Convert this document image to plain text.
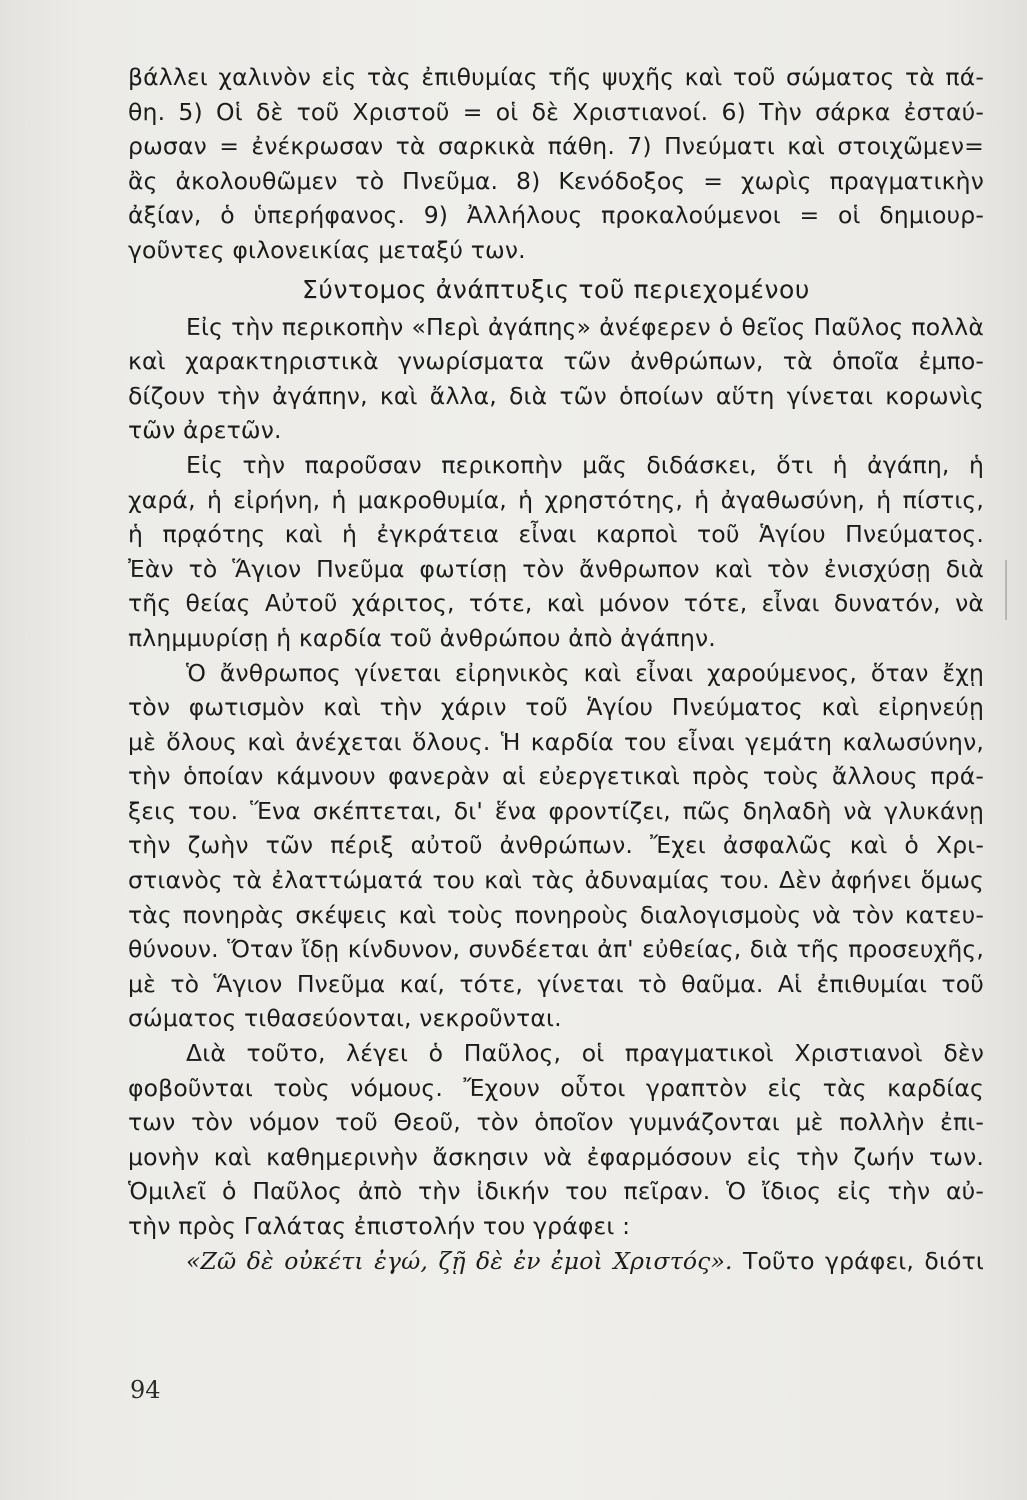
βάλλει χαλινὸν εἰς τὰς ἐπιθυμίας τῆς ψυχῆς καὶ τοῦ σώματος τὰ πά-
θη. 5) Οἱ δὲ τοῦ Χριστοῦ = οἱ δὲ Χριστιανοί. 6) Τὴν σάρκα ἐσταύ-
ρωσαν = ἐνέκρωσαν τὰ σαρκικὰ πάθη. 7) Πνεύματι καὶ στοιχῶμεν=
ἂς ἀκολουθῶμεν τὸ Πνεῦμα. 8) Κενόδοξος = χωρὶς πραγματικὴν
ἀξίαν, ὁ ὑπερήφανος. 9) Ἀλλήλους προκαλούμενοι = οἱ δημιουρ-
γοῦντες φιλονεικίας μεταξύ των.
Σύντομος ἀνάπτυξις τοῦ περιεχομένου
Εἰς τὴν περικοπὴν «Περὶ ἀγάπης» ἀνέφερεν ὁ θεῖος Παῦλος πολλὰ
καὶ χαρακτηριστικὰ γνωρίσματα τῶν ἀνθρώπων, τὰ ὁποῖα ἐμπο-
δίζουν τὴν ἀγάπην, καὶ ἄλλα, διὰ τῶν ὁποίων αὕτη γίνεται κορωνὶς
τῶν ἀρετῶν.
Εἰς τὴν παροῦσαν περικοπὴν μᾶς διδάσκει, ὅτι ἡ ἀγάπη, ἡ
χαρά, ἡ εἰρήνη, ἡ μακροθυμία, ἡ χρηστότης, ἡ ἀγαθωσύνη, ἡ πίστις,
ἡ πρᾳότης καὶ ἡ ἐγκράτεια εἶναι καρποὶ τοῦ Ἁγίου Πνεύματος.
Ἐὰν τὸ Ἅγιον Πνεῦμα φωτίσῃ τὸν ἄνθρωπον καὶ τὸν ἐνισχύσῃ διὰ
τῆς θείας Αὐτοῦ χάριτος, τότε, καὶ μόνον τότε, εἶναι δυνατόν, νὰ
πλημμυρίσῃ ἡ καρδία τοῦ ἀνθρώπου ἀπὸ ἀγάπην.
Ὁ ἄνθρωπος γίνεται εἰρηνικὸς καὶ εἶναι χαρούμενος, ὅταν ἔχῃ
τὸν φωτισμὸν καὶ τὴν χάριν τοῦ Ἁγίου Πνεύματος καὶ εἰρηνεύῃ
μὲ ὅλους καὶ ἀνέχεται ὅλους. Ἡ καρδία του εἶναι γεμάτη καλωσύνην,
τὴν ὁποίαν κάμνουν φανερὰν αἱ εὐεργετικαὶ πρὸς τοὺς ἄλλους πρά-
ξεις του. Ἕνα σκέπτεται, δι' ἕνα φροντίζει, πῶς δηλαδὴ νὰ γλυκάνῃ
τὴν ζωὴν τῶν πέριξ αὐτοῦ ἀνθρώπων. Ἔχει ἀσφαλῶς καὶ ὁ Χρι-
στιανὸς τὰ ἐλαττώματά του καὶ τὰς ἀδυναμίας του. Δὲν ἀφήνει ὅμως
τὰς πονηρὰς σκέψεις καὶ τοὺς πονηροὺς διαλογισμοὺς νὰ τὸν κατευ-
θύνουν. Ὅταν ἴδῃ κίνδυνον, συνδέεται ἀπ' εὐθείας, διὰ τῆς προσευχῆς,
μὲ τὸ Ἅγιον Πνεῦμα καί, τότε, γίνεται τὸ θαῦμα. Αἱ ἐπιθυμίαι τοῦ
σώματος τιθασεύονται, νεκροῦνται.
Διὰ τοῦτο, λέγει ὁ Παῦλος, οἱ πραγματικοὶ Χριστιανοὶ δὲν
φοβοῦνται τοὺς νόμους. Ἔχουν οὗτοι γραπτὸν εἰς τὰς καρδίας
των τὸν νόμον τοῦ Θεοῦ, τὸν ὁποῖον γυμνάζονται μὲ πολλὴν ἐπι-
μονὴν καὶ καθημερινὴν ἄσκησιν νὰ ἐφαρμόσουν εἰς τὴν ζωήν των.
Ὁμιλεῖ ὁ Παῦλος ἀπὸ τὴν ἰδικήν του πεῖραν. Ὁ ἴδιος εἰς τὴν αὐ-
τὴν πρὸς Γαλάτας ἐπιστολήν του γράφει :
«Ζῶ δὲ οὐκέτι ἐγώ, ζῇ δὲ ἐν ἐμοὶ Χριστός». Τοῦτο γράφει, διότι
94
